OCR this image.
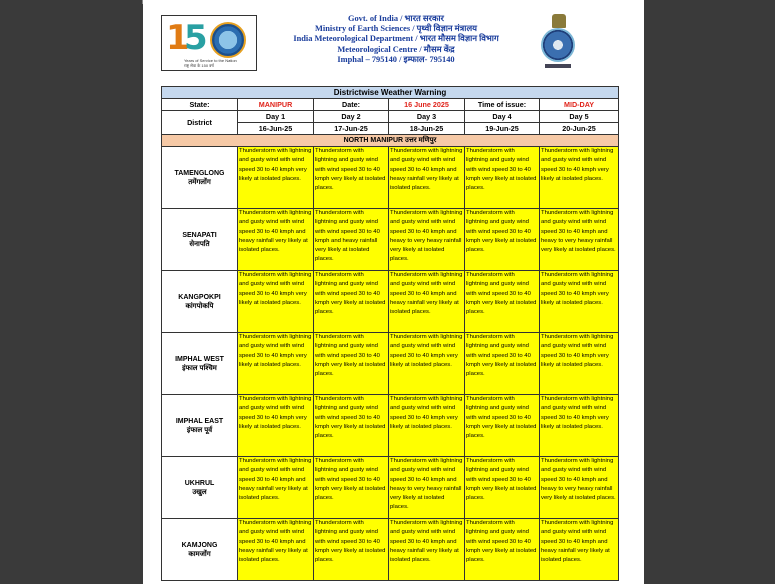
1
5
Years of Service to the Nation
राष्ट्र सेवा के 150 वर्ष
Govt. of India / भारत सरकार
Ministry of Earth Sciences / पृथ्वी विज्ञान मंत्रालय
India Meteorological Department / भारत मौसम विज्ञान विभाग
Meteorological Centre / मौसम केंद्र
Imphal – 795140 / इम्फाल- 795140
Districtwise Weather Warning					
State:	MANIPUR	Date:	16 June 2025	Time of issue:	MID-DAY
District	Day 1	Day 2	Day 3	Day 4	Day 5
	16-Jun-25	17-Jun-25	18-Jun-25	19-Jun-25	20-Jun-25
NORTH MANIPUR उत्तर मणिपुर					

TAMENGLONG
तमेंगलोंग	Thunderstorm with lightning and gusty wind with wind speed 30 to 40 kmph very likely at isolated places.	Thunderstorm with lightning and gusty wind with wind speed 30 to 40 kmph very likely at isolated places.	Thunderstorm with lightning and gusty wind with wind speed 30 to 40 kmph and heavy rainfall very likely at isolated places.	Thunderstorm with lightning and gusty wind with wind speed 30 to 40 kmph very likely at isolated places.	Thunderstorm with lightning and gusty wind with wind speed 30 to 40 kmph very likely at isolated places.

SENAPATI
सेनापति	Thunderstorm with lightning and gusty wind with wind speed 30 to 40 kmph and heavy rainfall very likely at isolated places.	Thunderstorm with lightning and gusty wind with wind speed 30 to 40 kmph and heavy rainfall very likely at isolated places.	Thunderstorm with lightning and gusty wind with wind speed 30 to 40 kmph and heavy to very heavy rainfall very likely at isolated places.	Thunderstorm with lightning and gusty wind with wind speed 30 to 40 kmph very likely at isolated places.	Thunderstorm with lightning and gusty wind with wind speed 30 to 40 kmph and heavy to very heavy rainfall very likely at isolated places.

KANGPOKPI
कांगपोकपि	Thunderstorm with lightning and gusty wind with wind speed 30 to 40 kmph very likely at isolated places.	Thunderstorm with lightning and gusty wind with wind speed 30 to 40 kmph very likely at isolated places.	Thunderstorm with lightning and gusty wind with wind speed 30 to 40 kmph and heavy rainfall very likely at isolated places.	Thunderstorm with lightning and gusty wind with wind speed 30 to 40 kmph very likely at isolated places.	Thunderstorm with lightning and gusty wind with wind speed 30 to 40 kmph very likely at isolated places.

IMPHAL WEST
इंफाल पश्चिम	Thunderstorm with lightning and gusty wind with wind speed 30 to 40 kmph very likely at isolated places.	Thunderstorm with lightning and gusty wind with wind speed 30 to 40 kmph very likely at isolated places.	Thunderstorm with lightning and gusty wind with wind speed 30 to 40 kmph very likely at isolated places.	Thunderstorm with lightning and gusty wind with wind speed 30 to 40 kmph very likely at isolated places.	Thunderstorm with lightning and gusty wind with wind speed 30 to 40 kmph very likely at isolated places.

IMPHAL EAST
इंफाल पूर्व	Thunderstorm with lightning and gusty wind with wind speed 30 to 40 kmph very likely at isolated places.	Thunderstorm with lightning and gusty wind with wind speed 30 to 40 kmph very likely at isolated places.	Thunderstorm with lightning and gusty wind with wind speed 30 to 40 kmph very likely at isolated places.	Thunderstorm with lightning and gusty wind with wind speed 30 to 40 kmph very likely at isolated places.	Thunderstorm with lightning and gusty wind with wind speed 30 to 40 kmph very likely at isolated places.

UKHRUL
उखुल	Thunderstorm with lightning and gusty wind with wind speed 30 to 40 kmph and heavy rainfall very likely at isolated places.	Thunderstorm with lightning and gusty wind with wind speed 30 to 40 kmph very likely at isolated places.	Thunderstorm with lightning and gusty wind with wind speed 30 to 40 kmph and heavy to very heavy rainfall very likely at isolated places.	Thunderstorm with lightning and gusty wind with wind speed 30 to 40 kmph very likely at isolated places.	Thunderstorm with lightning and gusty wind with wind speed 30 to 40 kmph and heavy to very heavy rainfall very likely at isolated places.

KAMJONG
कामजोंग	Thunderstorm with lightning and gusty wind with wind speed 30 to 40 kmph and heavy rainfall very likely at isolated places.	Thunderstorm with lightning and gusty wind with wind speed 30 to 40 kmph very likely at isolated places.	Thunderstorm with lightning and gusty wind with wind speed 30 to 40 kmph and heavy rainfall very likely at isolated places.	Thunderstorm with lightning and gusty wind with wind speed 30 to 40 kmph very likely at isolated places.	Thunderstorm with lightning and gusty wind with wind speed 30 to 40 kmph and heavy rainfall very likely at isolated places.
